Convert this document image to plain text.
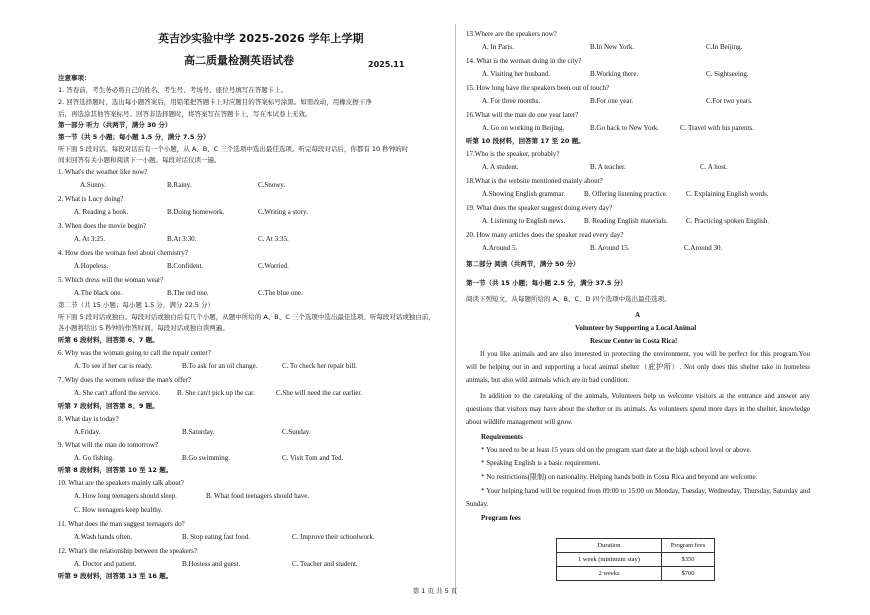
英吉沙实验中学 2025-2026 学年上学期
高二质量检测英语试卷	2025.11
注意事项：
1. 答卷前，考生务必将自己的姓名、考生号、考场号、座位号填写在答题卡上。
2. 回答选择题时，选出每小题答案后，用铅笔把答题卡上对应题目的答案标号涂黑。如需改动，用橡皮擦干净
后，再选涂其他答案标号。回答非选择题时，将答案写在答题卡上，写在本试卷上无效。
第一部分 听力（共两节，满分 30 分）
第一节（共 5 小题；每小题 1.5 分，满分 7.5 分）
听下面 5 段对话。每段对话后有一个小题，从 A、B、C 三个选项中选出最佳选项。听完每段对话后，你都有 10 秒钟的时
间来回答有关小题和阅读下一小题。每段对话仅读一遍。
1. What's the weather like now?
A.Sunny.	B.Rainy.	C.Snowy.
2. What is Lucy doing?
A. Reading a book.	B.Doing homework.	C.Writing a story.
3. When does the movie begin?
A. At 3:25.	B.At 3:30.	C. At 3:35.
4. How does the woman feel about chemistry?
A.Hopeless.	B.Confident.	C.Worried.
5. Which dress will the woman wear?
A.The black one.	B.The red one.	C.The blue one.
第二节（共 15 小题；每小题 1.5 分，满分 22.5 分）
听下面 5 段对话或独白。每段对话或独白后有几个小题，从题中所给的 A、B、C 三个选项中选出最佳选项。听每段对话或独白前，
各小题将给出 5 秒钟的作答时间。每段对话或独白读两遍。
听第 6 段材料，回答第 6、7 题。
6. Why was the woman going to call the repair center?
A. To see if her car is ready.	B.To ask for an oil change.	C. To check her repair bill.
7. Why does the women refuse the man's offer?
A. She can't afford the service. B. She can't pick up the car.	C.She will need the car earlier.
听第 7 段材料，回答第 8、9 题。
8. What day is today?
A.Friday.	B.Saturday.	C.Sunday.
9. What will the man do tomorrow?
A. Go fishing.	B.Go swimming.	C. Visit Tom and Ted.
听第 8 段材料，回答第 10 至 12 题。
10. What are the speakers mainly talk about?
A. How long teenagers should sleep.	B. What food teenagers should have.
C. How teenagers keep healthy.
11. What does the man suggest teenagers do?
A.Wash hands often.	B. Stop eating fast food.	C. Improve their schoolwork.
12. What's the relationship between the speakers?
A. Doctor and patient.	B.Hostess and guest.	C. Teacher and student.
听第 9 段材料，回答第 13 至 16 题。
13.Where are the speakers now?
A. In Paris.	B.In New York.	C.In Beijing.
14. What is the woman doing in the city?
A. Visiting her husband.	B.Working there.	C. Sightseeing.
15. How long have the speakers been out of touch?
A. For three months.	B.For one year.	C.For two years.
16.What will the man do one year later?
A. Go on working in Beijing.	B.Go back to New York.	C. Travel with his parents.
听第 10 段材料，回答第 17 至 20 题。
17.Who is the speaker, probably?
A. A student.	B. A teacher.	C. A host.
18.What is the website mentioned mainly about?
A.Showing English grammar.	B. Offering listening practice.	C. Explaining English words.
19. What does the speaker suggest doing every day?
A. Listening to English news.	B. Reading English materials.	C. Practicing spoken English.
20. How many articles does the speaker read every day?
A.Around 5.	B. Around 15.	C.Around 30.
第二部分 阅读（共两节，满分 50 分）
第一节（共 15 小题；每小题 2.5 分，满分 37.5 分）
阅读下列短文，从每题所给的 A、B、C、D 四个选项中选出最佳选项。
A
Volunteer by Supporting a Local Animal
Rescue Center in Costa Rica!
If you like animals and are also interested in protecting the environment, you will be perfect for this program.You will be helping out in and supporting a local animal shelter（庇护所）. Not only does this shelter take in homeless animals, but also wild animals which are in bad condition.
In addition to the caretaking of the animals, Volunteers help us welcome visitors at the entrance and answer any questions that visitors may have about the shelter or its animals. As volunteers spend more days in the shelter, knowledge about wildlife management will grow.
Requirements
* You need to be at least 15 years old on the program start date at the high school level or above.
* Speaking English is a basic requirement.
* No restrictions(限制) on nationality. Helping hands both in Costa Rica and beyond are welcome.
* Your helping hand will be required from 09:00 to 15:00 on Monday, Tuesday, Wednesday, Thursday, Saturday and Sunday.
Program fees
Duration	Program fees
1 week (minimum stay)	$350
2 weeks	$700
第 1 页 共 5 页
